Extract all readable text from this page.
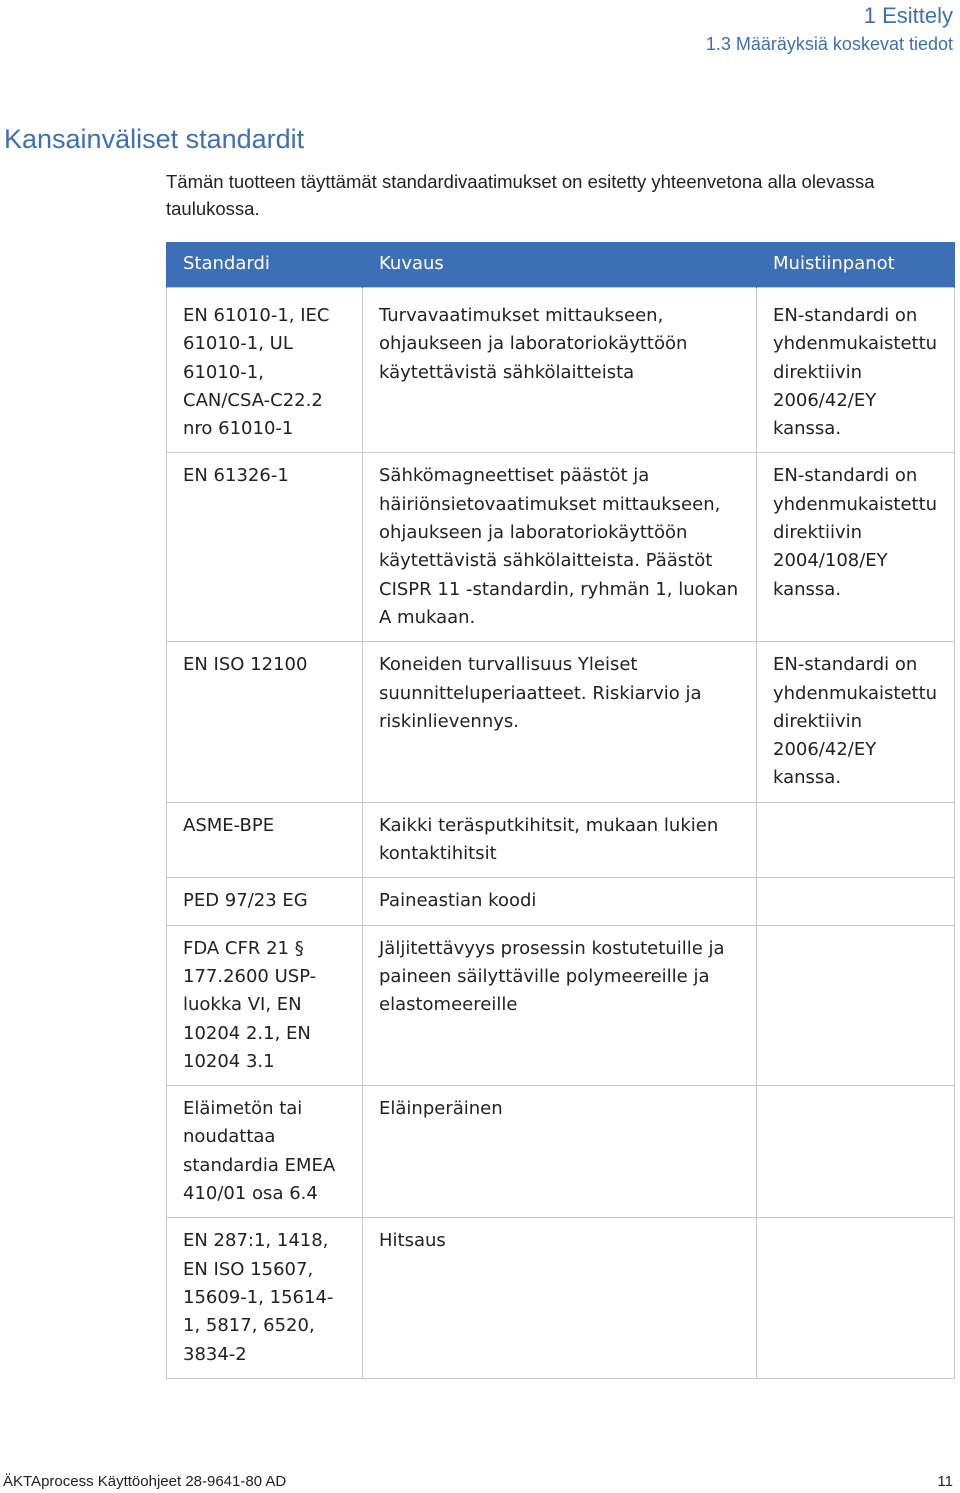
1 Esittely
1.3 Määräyksiä koskevat tiedot
Kansainväliset standardit

Tämän tuotteen täyttämät standardivaatimukset on esitetty yhteenvetona alla olevassa taulukossa.

Standardi	Kuvaus	Muistiinpanot
EN 61010-1, IEC 61010-1, UL 61010-1, CAN/CSA-C22.2 nro 61010-1	Turvavaatimukset mittaukseen, ohjaukseen ja laboratoriokäyttöön käytettävistä sähkölaitteista	EN-standardi on yhdenmukaistettu direktiivin 2006/42/EY kanssa.
EN 61326-1	Sähkömagneettiset päästöt ja häiriönsietovaatimukset mittaukseen, ohjaukseen ja laboratoriokäyttöön käytettävistä sähkölaitteista. Päästöt CISPR 11 -standardin, ryhmän 1, luokan A mukaan.	EN-standardi on yhdenmukaistettu direktiivin 2004/108/EY kanssa.
EN ISO 12100	Koneiden turvallisuus Yleiset suunnitteluperiaatteet. Riskiarvio ja riskinlievennys.	EN-standardi on yhdenmukaistettu direktiivin 2006/42/EY kanssa.
ASME-BPE	Kaikki teräsputkihitsit, mukaan lukien kontaktihitsit	
PED 97/23 EG	Paineastian koodi	
FDA CFR 21 § 177.2600 USP-luokka VI, EN 10204 2.1, EN 10204 3.1	Jäljitettävyys prosessin kostutetuille ja paineen säilyttäville polymeereille ja elastomeereille	
Eläimetön tai noudattaa standardia EMEA 410/01 osa 6.4	Eläinperäinen	
EN 287:1, 1418, EN ISO 15607, 15609-1, 15614-1, 5817, 6520, 3834-2	Hitsaus	
ÄKTAprocess Käyttöohjeet 28-9641-80 AD	11
